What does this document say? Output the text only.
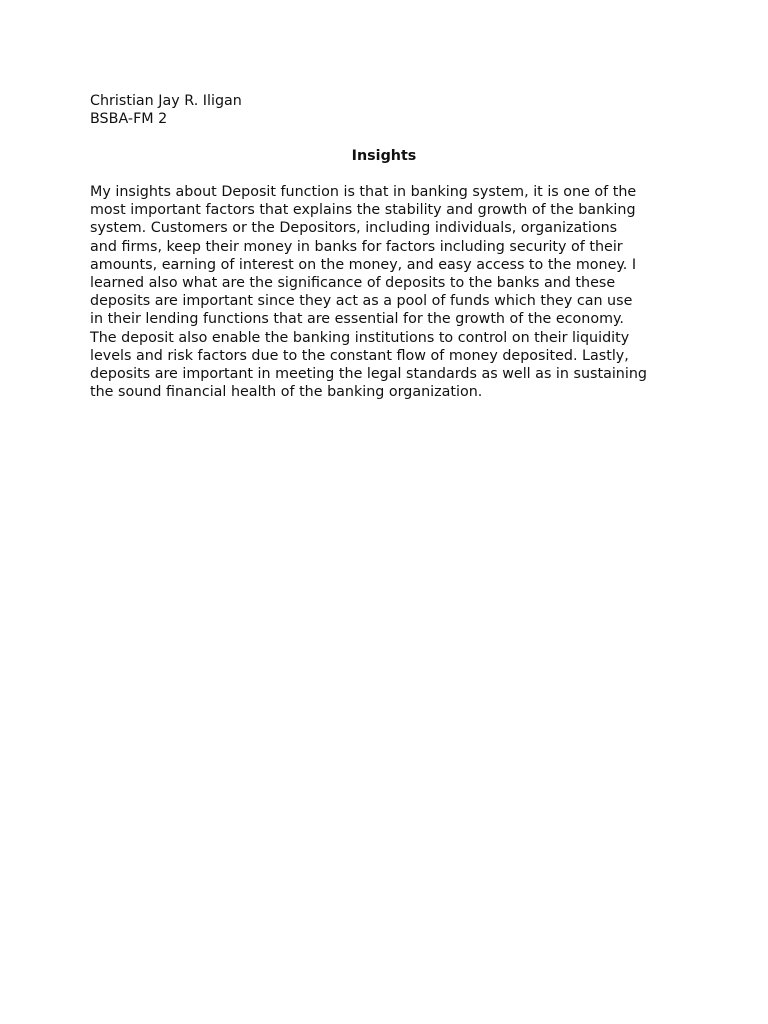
Christian Jay R. Iligan
BSBA-FM 2
Insights
My insights about Deposit function is that in banking system, it is one of the
most important factors that explains the stability and growth of the banking
system. Customers or the Depositors, including individuals, organizations
and firms, keep their money in banks for factors including security of their
amounts, earning of interest on the money, and easy access to the money. I
learned also what are the significance of deposits to the banks and these
deposits are important since they act as a pool of funds which they can use
in their lending functions that are essential for the growth of the economy.
The deposit also enable the banking institutions to control on their liquidity
levels and risk factors due to the constant flow of money deposited. Lastly,
deposits are important in meeting the legal standards as well as in sustaining
the sound financial health of the banking organization.
